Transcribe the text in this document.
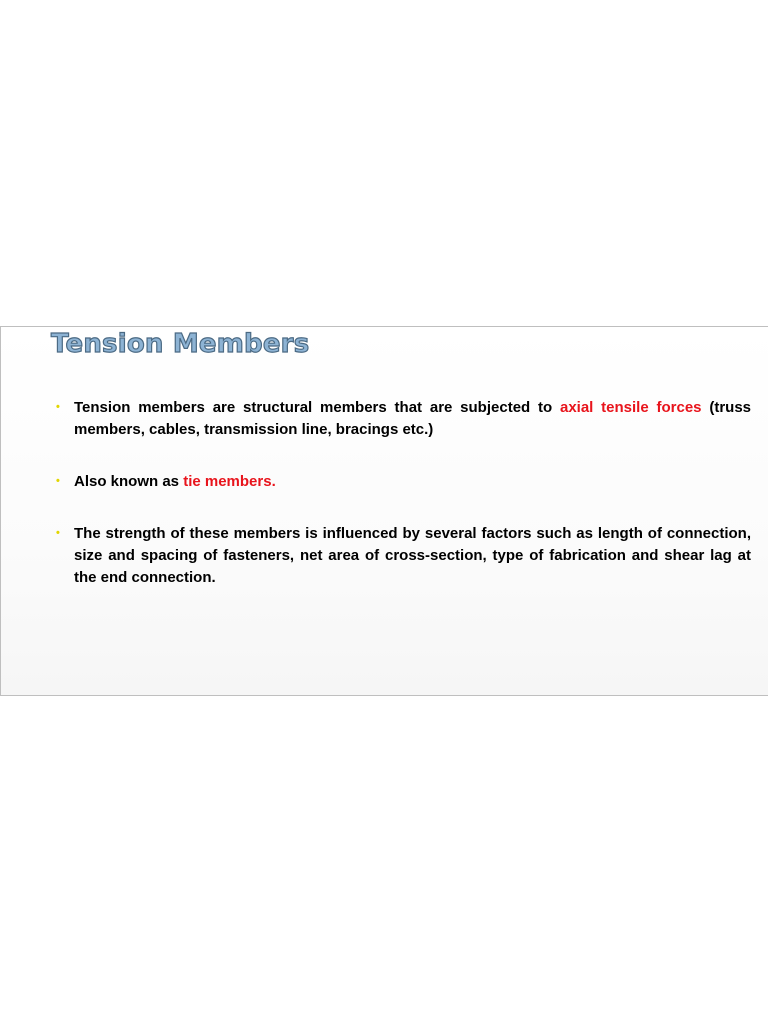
Tension Members
• Tension members are structural members that are subjected to axial tensile forces (truss members, cables, transmission line, bracings etc.)
• Also known as tie members.
• The strength of these members is influenced by several factors such as length of connection, size and spacing of fasteners, net area of cross-section, type of fabrication and shear lag at the end connection.
